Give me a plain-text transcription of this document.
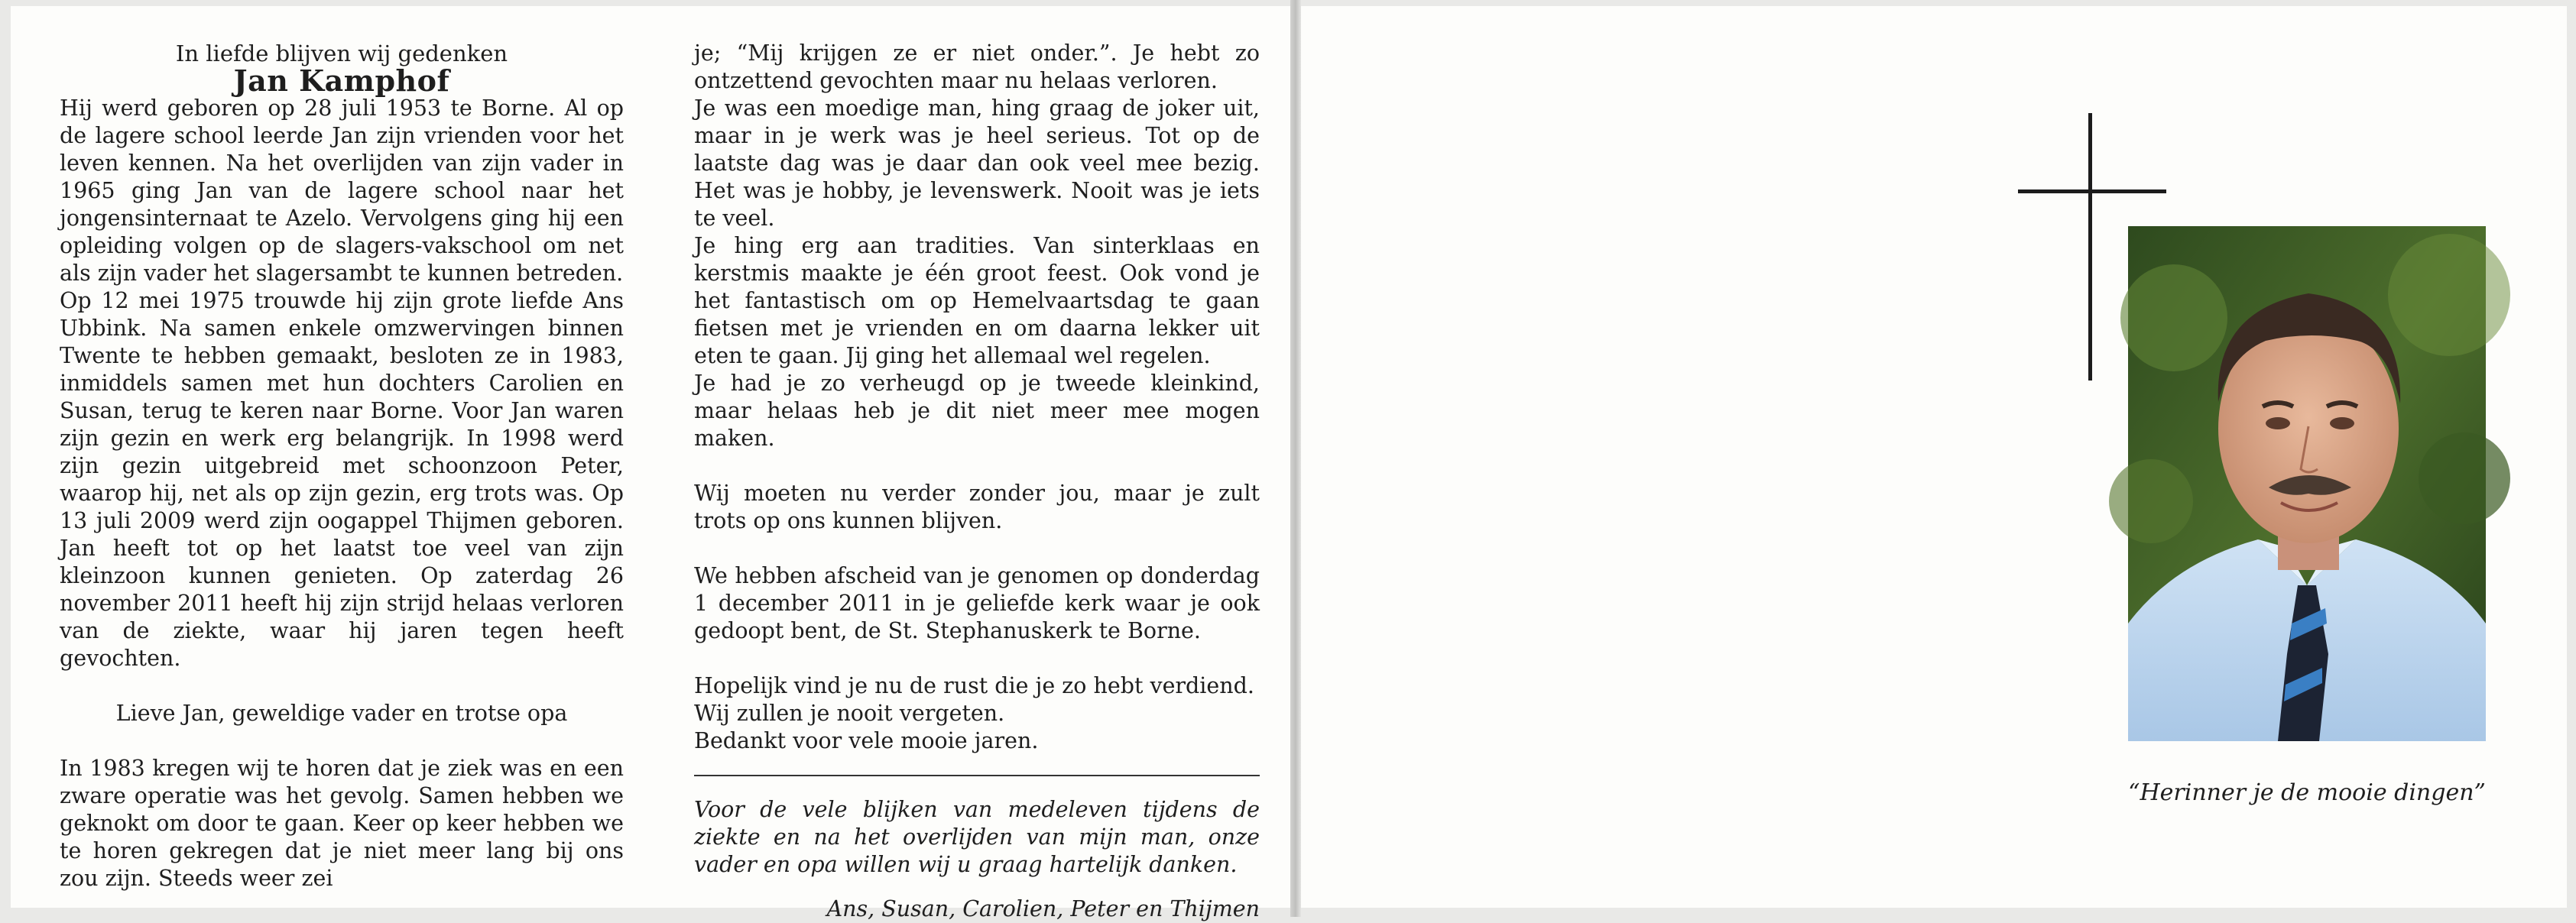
In liefde blijven wij gedenken

Jan Kamphof

Hij werd geboren op 28 juli 1953 te Borne. Al op de lagere school leerde Jan zijn vrienden voor het leven kennen. Na het overlijden van zijn vader in 1965 ging Jan van de lagere school naar het jongensinternaat te Azelo. Vervolgens ging hij een opleiding volgen op de slagers-vakschool om net als zijn vader het slagersambt te kunnen betreden.

Op 12 mei 1975 trouwde hij zijn grote liefde Ans Ubbink. Na samen enkele omzwervingen binnen Twente te hebben gemaakt, besloten ze in 1983, inmiddels samen met hun dochters Carolien en Susan, terug te keren naar Borne. Voor Jan waren zijn gezin en werk erg belangrijk. In 1998 werd zijn gezin uitgebreid met schoonzoon Peter, waarop hij, net als op zijn gezin, erg trots was. Op 13 juli 2009 werd zijn oogappel Thijmen geboren. Jan heeft tot op het laatst toe veel van zijn kleinzoon kunnen genieten. Op zaterdag 26 november 2011 heeft hij zijn strijd helaas verloren van de ziekte, waar hij jaren tegen heeft gevochten.

Lieve Jan, geweldige vader en trotse opa

In 1983 kregen wij te horen dat je ziek was en een zware operatie was het gevolg. Samen hebben we geknokt om door te gaan. Keer op keer hebben we te horen gekregen dat je niet meer lang bij ons zou zijn. Steeds weer zei

je; “Mij krijgen ze er niet onder.”. Je hebt zo ontzettend gevochten maar nu helaas verloren.

Je was een moedige man, hing graag de joker uit, maar in je werk was je heel serieus. Tot op de laatste dag was je daar dan ook veel mee bezig. Het was je hobby, je levenswerk. Nooit was je iets te veel.

Je hing erg aan tradities. Van sinterklaas en kerstmis maakte je één groot feest. Ook vond je het fantastisch om op Hemelvaartsdag te gaan fietsen met je vrienden en om daarna lekker uit eten te gaan. Jij ging het allemaal wel regelen.

Je had je zo verheugd op je tweede kleinkind, maar helaas heb je dit niet meer mee mogen maken.

Wij moeten nu verder zonder jou, maar je zult trots op ons kunnen blijven.

We hebben afscheid van je genomen op donderdag 1 december 2011 in je geliefde kerk waar je ook gedoopt bent, de St. Stephanuskerk te Borne.

Hopelijk vind je nu de rust die je zo hebt verdiend.

Wij zullen je nooit vergeten.

Bedankt voor vele mooie jaren.

Voor de vele blijken van medeleven tijdens de ziekte en na het overlijden van mijn man, onze vader en opa willen wij u graag hartelijk danken.

Ans, Susan, Carolien, Peter en Thijmen

“Herinner je de mooie dingen”
